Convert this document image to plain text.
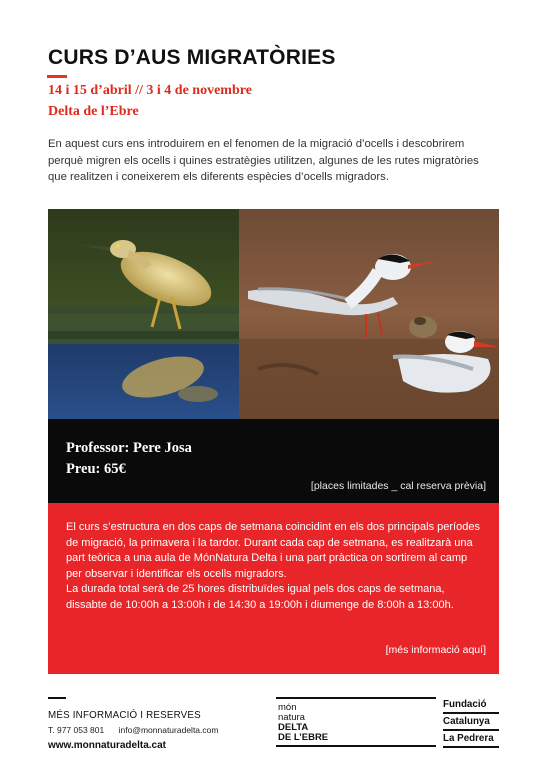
CURS D’AUS MIGRATÒRIES
14 i 15 d’abril // 3 i 4 de novembre
Delta de l’Ebre

En aquest curs ens introduirem en el fenomen de la migració d’ocells i descobrirem perquè migren els ocells i quines estratègies utilitzen, algunes de les rutes migratòries que realitzen i coneixerem els diferents espècies d’ocells migradors.

Professor: Pere Josa
Preu: 65€
[places limitades _ cal reserva prèvia]

El curs s’estructura en dos caps de setmana coincidint en els dos principals períodes de migració, la primavera i la tardor. Durant cada cap de setmana, es realitzarà una part teòrica a una aula de MónNatura Delta i una part pràctica on sortirem al camp per observar i identificar els ocells migradors.
La durada total serà de 25 hores distribuïdes igual pels dos caps de setmana, dissabte de 10:00h a 13:00h i de 14:30 a 19:00h i diumenge de 8:00h a 13:00h.

[més informació aquí]
MÉS INFORMACIÓ I RESERVES
T. 977 053 801 info@monnaturadelta.com
www.monnaturadelta.cat
món
natura
DELTA
DE L’EBRE
Fundació
Catalunya
La Pedrera
